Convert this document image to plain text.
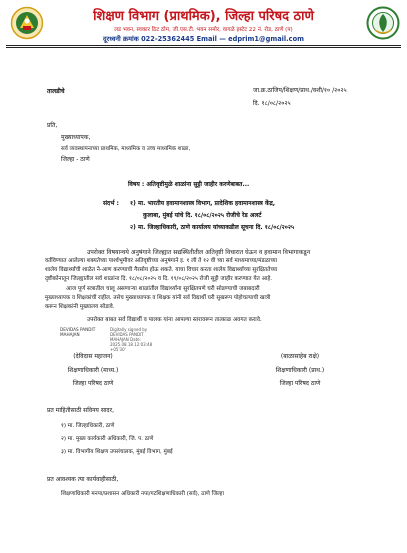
शिक्षण विभाग (प्राथमिक), जिल्हा परिषद ठाणे
लड भवन, स्वकार ठिट ठोम, जी.एस.टी. भवन समोर, वागळे इस्टेट 22 नं. रोड, ठाणे (प)
दूरध्वनी क्रमांक 022-25362445 Email — edprim1@gmail.com
तालडीचे	जा.क्र.ठाजिप/शिक्षण/प्राथ./वशी/१० /२०२५
दि. १८/०८/२०२५
प्रति,
मुख्याध्यापक,
सर्व व्यवस्थापनाच्या प्राथमिक, माध्यमिक व उच्च माध्यमिक शाळा,
जिल्हा - ठाणे
विषय : अतिवृष्टीमुळे शाळांना सुट्टी जाहीर करणेबाबत...
संदर्भ : १) मा. भारतीय हवामानशास्त्र विभाग, प्रादेशिक हवामानशास्त्र केंद्र,
कुलाबा, मुंबई यांचे दि. १८/०८/२०२५ रोजीचे रेड अलर्ट
२) मा. जिल्हाधिकारी, ठाणे कार्यालय यांच्याकडील सूचना दि. १८/०८/२०२५
उपरोक्त विषयान्वये अनुषंगाने जिल्ह्यात सद्यस्थितीतील अतिवृष्टी विचारात घेऊन व हवामान विभागाकडून
वर्तविण्यात आलेल्या शक्यतेच्या पार्श्वभूमीवर अतिवृष्टीच्या अनुषंगाने इ. १ ली ते १२ वी च्या सर्व माध्यमाच्या/मंडळाच्या
शालेय विद्यार्थ्यांची शाळेत ने-आण करण्याची गैरसोय होऊ शकते. याचा विचार करता शालेय विद्यार्थ्यांच्या सुरक्षिततेच्या
दृष्टीकोनातून जिल्ह्यातील सर्व शाळांना दि. १८/०८/२०२५ व दि. १९/०८/२०२५ रोजी सुट्टी जाहीर करण्यात येत आहे.
आज पूर्ण सत्रातील चालू असणाऱ्या शाळांतील विद्यार्थ्यांना सुरक्षितपणे घरी सोडण्याची जबाबदारी
मुख्याध्यापक व शिक्षकांची राहील. तसेच मुख्याध्यापक व शिक्षक यांनी सर्व विद्यार्थी घरी सुखरूप पोहोचल्याची खात्री
करून शिक्षकांनी मुख्यालय सोडावे.
उपरोक्त बाबत सर्व विद्यार्थी व पालक यांना आपल्या स्तरावरून तात्काळ अवगत करावे.
DEVIDAS PANDIT MAHAJAN
Digitally signed by DEVIDAS PANDIT MAHAJAN Date: 2025.08.18 12:03:48 +05'30'
(देविदास महाजन)
शिक्षणाधिकारी (माध्य.)
जिल्हा परिषद ठाणे
(बाळासाहेब राक्षे)
शिक्षणाधिकारी (प्राथ.)
जिल्हा परिषद ठाणे
प्रत माहितीसाठी सविनय सादर,
१) मा. जिल्हाधिकारी, ठाणे
२) मा. मुख्य कार्यकारी अधिकारी, जि. प. ठाणे
३) मा. विभागीय शिक्षण उपसंचालक, मुंबई विभाग, मुंबई
प्रत आवश्यक त्या कार्यवाहीसाठी,
शिक्षणाधिकारी मनपा/प्रशासन अधिकारी नपा/गटशिक्षणाधिकारी (सर्व), ठाणे जिल्हा
